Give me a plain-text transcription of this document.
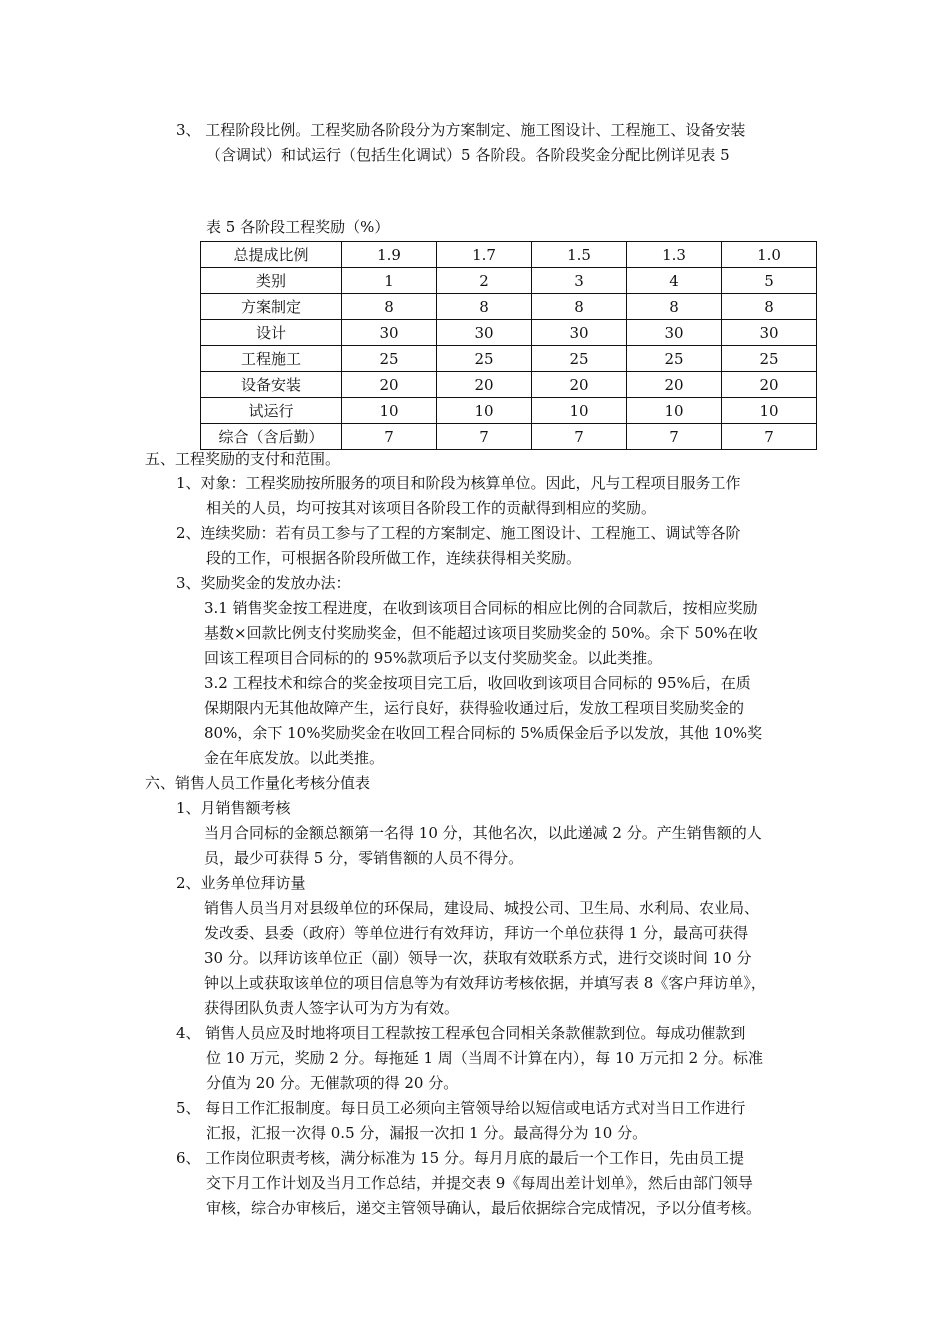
3、 工程阶段比例。工程奖励各阶段分为方案制定、施工图设计、工程施工、设备安装
（含调试）和试运行（包括生化调试）5 各阶段。各阶段奖金分配比例详见表 5
表 5 各阶段工程奖励（%）
总提成比例	1.9	1.7	1.5	1.3	1.0
类别	1	2	3	4	5
方案制定	8	8	8	8	8
设计	30	30	30	30	30
工程施工	25	25	25	25	25
设备安装	20	20	20	20	20
试运行	10	10	10	10	10
综合（含后勤）	7	7	7	7	7
五、工程奖励的支付和范围。
1、对象：工程奖励按所服务的项目和阶段为核算单位。因此，凡与工程项目服务工作
相关的人员，均可按其对该项目各阶段工作的贡献得到相应的奖励。
2、连续奖励：若有员工参与了工程的方案制定、施工图设计、工程施工、调试等各阶
段的工作，可根据各阶段所做工作，连续获得相关奖励。
3、奖励奖金的发放办法：
3.1 销售奖金按工程进度，在收到该项目合同标的相应比例的合同款后，按相应奖励
基数×回款比例支付奖励奖金，但不能超过该项目奖励奖金的 50%。余下 50%在收
回该工程项目合同标的的 95%款项后予以支付奖励奖金。以此类推。
3.2 工程技术和综合的奖金按项目完工后，收回收到该项目合同标的 95%后，在质
保期限内无其他故障产生，运行良好，获得验收通过后，发放工程项目奖励奖金的
80%，余下 10%奖励奖金在收回工程合同标的 5%质保金后予以发放，其他 10%奖
金在年底发放。以此类推。
六、销售人员工作量化考核分值表
1、月销售额考核
当月合同标的金额总额第一名得 10 分，其他名次，以此递减 2 分。产生销售额的人
员，最少可获得 5 分，零销售额的人员不得分。
2、业务单位拜访量
销售人员当月对县级单位的环保局，建设局、城投公司、卫生局、水利局、农业局、
发改委、县委（政府）等单位进行有效拜访，拜访一个单位获得 1 分，最高可获得
30 分。以拜访该单位正（副）领导一次，获取有效联系方式，进行交谈时间 10 分
钟以上或获取该单位的项目信息等为有效拜访考核依据，并填写表 8《客户拜访单》，
获得团队负责人签字认可为方为有效。
4、 销售人员应及时地将项目工程款按工程承包合同相关条款催款到位。每成功催款到
位 10 万元，奖励 2 分。每拖延 1 周（当周不计算在内），每 10 万元扣 2 分。标准
分值为 20 分。无催款项的得 20 分。
5、 每日工作汇报制度。每日员工必须向主管领导给以短信或电话方式对当日工作进行
汇报，汇报一次得 0.5 分，漏报一次扣 1 分。最高得分为 10 分。
6、 工作岗位职责考核，满分标准为 15 分。每月月底的最后一个工作日，先由员工提
交下月工作计划及当月工作总结，并提交表 9《每周出差计划单》，然后由部门领导
审核，综合办审核后，递交主管领导确认，最后依据综合完成情况，予以分值考核。
